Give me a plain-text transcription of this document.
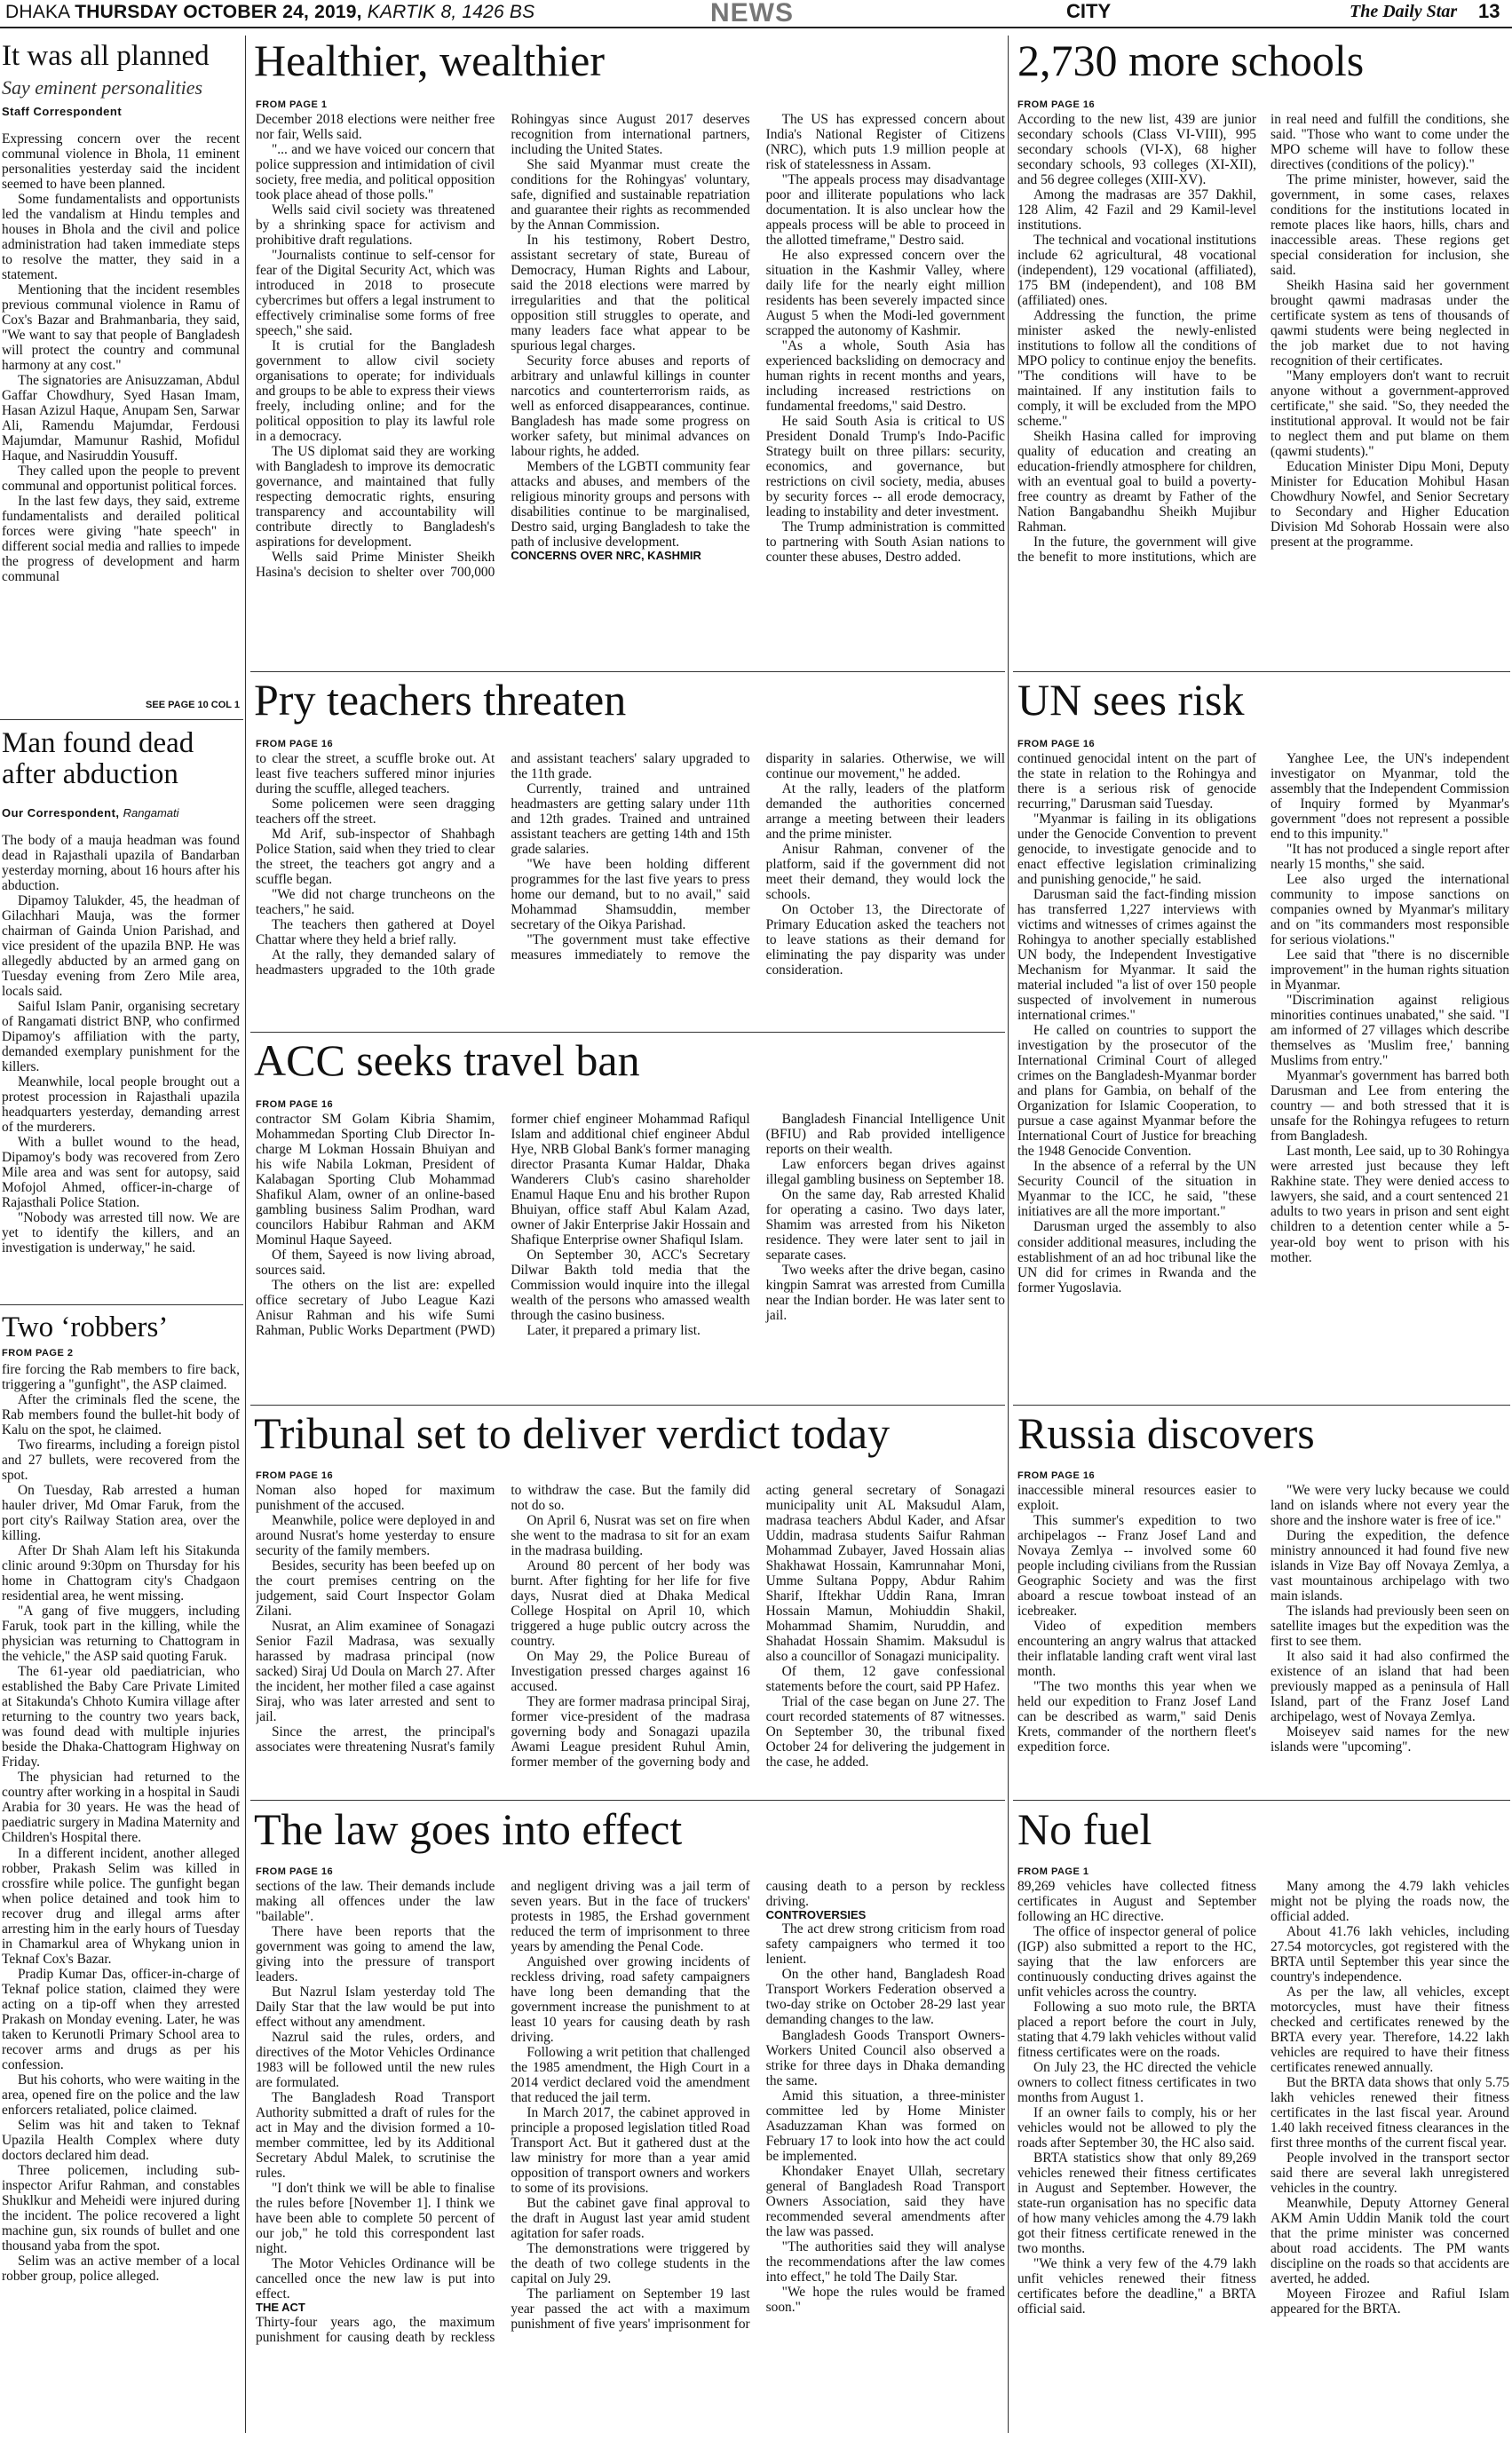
DHAKA THURSDAY OCTOBER 24, 2019, KARTIK 8, 1426 BS	NEWS	CITY	The Daily Star 13
It was all planned
Say eminent personalities
Staff Correspondent

Expressing concern over the recent communal violence in Bhola, 11 eminent personalities yesterday said the incident seemed to have been planned.

Some fundamentalists and opportunists led the vandalism at Hindu temples and houses in Bhola and the civil and police administration had taken immediate steps to resolve the matter, they said in a statement.

Mentioning that the incident resembles previous communal violence in Ramu of Cox's Bazar and Brahmanbaria, they said, "We want to say that people of Bangladesh will protect the country and communal harmony at any cost."

The signatories are Anisuzzaman, Abdul Gaffar Chowdhury, Syed Hasan Imam, Hasan Azizul Haque, Anupam Sen, Sarwar Ali, Ramendu Majumdar, Ferdousi Majumdar, Mamunur Rashid, Mofidul Haque, and Nasiruddin Yousuff.

They called upon the people to prevent communal and opportunist political forces.

In the last few days, they said, extreme fundamentalists and derailed political forces were giving "hate speech" in different social media and rallies to impede the progress of development and harm communal

SEE PAGE 10 COL 1
Man found dead after abduction
Our Correspondent, Rangamati

The body of a mauja headman was found dead in Rajasthali upazila of Bandarban yesterday morning, about 16 hours after his abduction.

Dipamoy Talukder, 45, the headman of Gilachhari Mauja, was the former chairman of Gainda Union Parishad, and vice president of the upazila BNP. He was allegedly abducted by an armed gang on Tuesday evening from Zero Mile area, locals said.

Saiful Islam Panir, organising secretary of Rangamati district BNP, who confirmed Dipamoy's affiliation with the party, demanded exemplary punishment for the killers.

Meanwhile, local people brought out a protest procession in Rajasthali upazila headquarters yesterday, demanding arrest of the murderers.

With a bullet wound to the head, Dipamoy's body was recovered from Zero Mile area and was sent for autopsy, said Mofojol Ahmed, officer-in-charge of Rajasthali Police Station.

"Nobody was arrested till now. We are yet to identify the killers, and an investigation is underway," he said.

Two ‘robbers’
FROM PAGE 2

fire forcing the Rab members to fire back, triggering a "gunfight", the ASP claimed.

After the criminals fled the scene, the Rab members found the bullet-hit body of Kalu on the spot, he claimed.

Two firearms, including a foreign pistol and 27 bullets, were recovered from the spot.

On Tuesday, Rab arrested a human hauler driver, Md Omar Faruk, from the port city's Railway Station area, over the killing.

After Dr Shah Alam left his Sitakunda clinic around 9:30pm on Thursday for his home in Chattogram city's Chadgaon residential area, he went missing.

"A gang of five muggers, including Faruk, took part in the killing, while the physician was returning to Chattogram in the vehicle," the ASP said quoting Faruk.

The 61-year old paediatrician, who established the Baby Care Private Limited at Sitakunda's Chhoto Kumira village after returning to the country two years back, was found dead with multiple injuries beside the Dhaka-Chattogram Highway on Friday.

The physician had returned to the country after working in a hospital in Saudi Arabia for 30 years. He was the head of paediatric surgery in Madina Maternity and Children's Hospital there.

In a different incident, another alleged robber, Prakash Selim was killed in crossfire while police. The gunfight began when police detained and took him to recover drug and illegal arms after arresting him in the early hours of Tuesday in Chamarkul area of Whykang union in Teknaf Cox's Bazar.

Pradip Kumar Das, officer-in-charge of Teknaf police station, claimed they were acting on a tip-off when they arrested Prakash on Monday evening. Later, he was taken to Kerunotli Primary School area to recover arms and drugs as per his confession.

But his cohorts, who were waiting in the area, opened fire on the police and the law enforcers retaliated, police claimed.

Selim was hit and taken to Teknaf Upazila Health Complex where duty doctors declared him dead.

Three policemen, including sub-inspector Arifur Rahman, and constables Shuklkur and Meheidi were injured during the incident. The police recovered a light machine gun, six rounds of bullet and one thousand yaba from the spot.

Selim was an active member of a local robber group, police alleged.

Healthier, wealthier
FROM PAGE 1

December 2018 elections were neither free nor fair, Wells said.

"... and we have voiced our concern that police suppression and intimidation of civil society, free media, and political opposition took place ahead of those polls."

Wells said civil society was threatened by a shrinking space for activism and prohibitive draft regulations.

"Journalists continue to self-censor for fear of the Digital Security Act, which was introduced in 2018 to prosecute cybercrimes but offers a legal instrument to effectively criminalise some forms of free speech," she said.

It is crutial for the Bangladesh government to allow civil society organisations to operate; for individuals and groups to be able to express their views freely, including online; and for the political opposition to play its lawful role in a democracy.

The US diplomat said they are working with Bangladesh to improve its democratic governance, and maintained that fully respecting democratic rights, ensuring transparency and accountability will contribute directly to Bangladesh's aspirations for development.

Wells said Prime Minister Sheikh Hasina's decision to shelter over 700,000 Rohingyas since August 2017 deserves recognition from international partners, including the United States.

She said Myanmar must create the conditions for the Rohingyas' voluntary, safe, dignified and sustainable repatriation and guarantee their rights as recommended by the Annan Commission.

In his testimony, Robert Destro, assistant secretary of state, Bureau of Democracy, Human Rights and Labour, said the 2018 elections were marred by irregularities and that the political opposition still struggles to operate, and many leaders face what appear to be spurious legal charges.

Security force abuses and reports of arbitrary and unlawful killings in counter narcotics and counterterrorism raids, as well as enforced disappearances, continue. Bangladesh has made some progress on worker safety, but minimal advances on labour rights, he added.

Members of the LGBTI community fear attacks and abuses, and members of the religious minority groups and persons with disabilities continue to be marginalised, Destro said, urging Bangladesh to take the path of inclusive development.

CONCERNS OVER NRC, KASHMIR

The US has expressed concern about India's National Register of Citizens (NRC), which puts 1.9 million people at risk of statelessness in Assam.

"The appeals process may disadvantage poor and illiterate populations who lack documentation. It is also unclear how the appeals process will be able to proceed in the allotted timeframe," Destro said.

He also expressed concern over the situation in the Kashmir Valley, where daily life for the nearly eight million residents has been severely impacted since August 5 when the Modi-led government scrapped the autonomy of Kashmir.

"As a whole, South Asia has experienced backsliding on democracy and human rights in recent months and years, including increased restrictions on fundamental freedoms," said Destro.

He said South Asia is critical to US President Donald Trump's Indo-Pacific Strategy built on three pillars: security, economics, and governance, but restrictions on civil society, media, abuses by security forces -- all erode democracy, leading to instability and deter investment.

The Trump administration is committed to partnering with South Asian nations to counter these abuses, Destro added.

2,730 more schools
FROM PAGE 16

According to the new list, 439 are junior secondary schools (Class VI-VIII), 995 secondary schools (VI-X), 68 higher secondary schools, 93 colleges (XI-XII), and 56 degree colleges (XIII-XV).

Among the madrasas are 357 Dakhil, 128 Alim, 42 Fazil and 29 Kamil-level institutions.

The technical and vocational institutions include 62 agricultural, 48 vocational (independent), 129 vocational (affiliated), 175 BM (independent), and 108 BM (affiliated) ones.

Addressing the function, the prime minister asked the newly-enlisted institutions to follow all the conditions of MPO policy to continue enjoy the benefits. "The conditions will have to be maintained. If any institution fails to comply, it will be excluded from the MPO scheme."

Sheikh Hasina called for improving quality of education and creating an education-friendly atmosphere for children, with an eventual goal to build a poverty-free country as dreamt by Father of the Nation Bangabandhu Sheikh Mujibur Rahman.

In the future, the government will give the benefit to more institutions, which are in real need and fulfill the conditions, she said. "Those who want to come under the MPO scheme will have to follow these directives (conditions of the policy)."

The prime minister, however, said the government, in some cases, relaxes conditions for the institutions located in remote places like haors, hills, chars and inaccessible areas. These regions get special consideration for inclusion, she said.

Sheikh Hasina said her government brought qawmi madrasas under the certificate system as tens of thousands of qawmi students were being neglected in the job market due to not having recognition of their certificates.

"Many employers don't want to recruit anyone without a government-approved certificate," she said. "So, they needed the institutional approval. It would not be fair to neglect them and put blame on them (qawmi students)."

Education Minister Dipu Moni, Deputy Minister for Education Mohibul Hasan Chowdhury Nowfel, and Senior Secretary to Secondary and Higher Education Division Md Sohorab Hossain were also present at the programme.

Pry teachers threaten
FROM PAGE 16

to clear the street, a scuffle broke out. At least five teachers suffered minor injuries during the scuffle, alleged teachers.

Some policemen were seen dragging teachers off the street.

Md Arif, sub-inspector of Shahbagh Police Station, said when they tried to clear the street, the teachers got angry and a scuffle began.

"We did not charge truncheons on the teachers," he said.

The teachers then gathered at Doyel Chattar where they held a brief rally.

At the rally, they demanded salary of headmasters upgraded to the 10th grade and assistant teachers' salary upgraded to the 11th grade.

Currently, trained and untrained headmasters are getting salary under 11th and 12th grades. Trained and untrained assistant teachers are getting 14th and 15th grade salaries.

"We have been holding different programmes for the last five years to press home our demand, but to no avail," said Mohammad Shamsuddin, member secretary of the Oikya Parishad.

"The government must take effective measures immediately to remove the disparity in salaries. Otherwise, we will continue our movement," he added.

At the rally, leaders of the platform demanded the authorities concerned arrange a meeting between their leaders and the prime minister.

Anisur Rahman, convener of the platform, said if the government did not meet their demand, they would lock the schools.

On October 13, the Directorate of Primary Education asked the teachers not to leave stations as their demand for eliminating the pay disparity was under consideration.

UN sees risk
FROM PAGE 16

continued genocidal intent on the part of the state in relation to the Rohingya and there is a serious risk of genocide recurring," Darusman said Tuesday.

"Myanmar is failing in its obligations under the Genocide Convention to prevent genocide, to investigate genocide and to enact effective legislation criminalizing and punishing genocide," he said.

Darusman said the fact-finding mission has transferred 1,227 interviews with victims and witnesses of crimes against the Rohingya to another specially established UN body, the Independent Investigative Mechanism for Myanmar. It said the material included "a list of over 150 people suspected of involvement in numerous international crimes."

He called on countries to support the investigation by the prosecutor of the International Criminal Court of alleged crimes on the Bangladesh-Myanmar border and plans for Gambia, on behalf of the Organization for Islamic Cooperation, to pursue a case against Myanmar before the International Court of Justice for breaching the 1948 Genocide Convention.

In the absence of a referral by the UN Security Council of the situation in Myanmar to the ICC, he said, "these initiatives are all the more important."

Darusman urged the assembly to also consider additional measures, including the establishment of an ad hoc tribunal like the UN did for crimes in Rwanda and the former Yugoslavia.

Yanghee Lee, the UN's independent investigator on Myanmar, told the assembly that the Independent Commission of Inquiry formed by Myanmar's government "does not represent a possible end to this impunity."

"It has not produced a single report after nearly 15 months," she said.

Lee also urged the international community to impose sanctions on companies owned by Myanmar's military and on "its commanders most responsible for serious violations."

Lee said that "there is no discernible improvement" in the human rights situation in Myanmar.

"Discrimination against religious minorities continues unabated," she said. "I am informed of 27 villages which describe themselves as 'Muslim free,' banning Muslims from entry."

Myanmar's government has barred both Darusman and Lee from entering the country — and both stressed that it is unsafe for the Rohingya refugees to return from Bangladesh.

Last month, Lee said, up to 30 Rohingya were arrested just because they left Rakhine state. They were denied access to lawyers, she said, and a court sentenced 21 adults to two years in prison and sent eight children to a detention center while a 5-year-old boy went to prison with his mother.

ACC seeks travel ban
FROM PAGE 16

contractor SM Golam Kibria Shamim, Mohammedan Sporting Club Director In-charge M Lokman Hossain Bhuiyan and his wife Nabila Lokman, President of Kalabagan Sporting Club Mohammad Shafikul Alam, owner of an online-based gambling business Salim Prodhan, ward councilors Habibur Rahman and AKM Mominul Haque Sayeed.

Of them, Sayeed is now living abroad, sources said.

The others on the list are: expelled office secretary of Jubo League Kazi Anisur Rahman and his wife Sumi Rahman, Public Works Department (PWD) former chief engineer Mohammad Rafiqul Islam and additional chief engineer Abdul Hye, NRB Global Bank's former managing director Prasanta Kumar Haldar, Dhaka Wanderers Club's casino shareholder Enamul Haque Enu and his brother Rupon Bhuiyan, office staff Abul Kalam Azad, owner of Jakir Enterprise Jakir Hossain and Shafique Enterprise owner Shafiqul Islam.

On September 30, ACC's Secretary Dilwar Bakth told media that the Commission would inquire into the illegal wealth of the persons who amassed wealth through the casino business.

Later, it prepared a primary list.

Bangladesh Financial Intelligence Unit (BFIU) and Rab provided intelligence reports on their wealth.

Law enforcers began drives against illegal gambling business on September 18.

On the same day, Rab arrested Khalid for operating a casino. Two days later, Shamim was arrested from his Niketon residence. They were later sent to jail in separate cases.

Two weeks after the drive began, casino kingpin Samrat was arrested from Cumilla near the Indian border. He was later sent to jail.

Tribunal set to deliver verdict today
FROM PAGE 16

Noman also hoped for maximum punishment of the accused.

Meanwhile, police were deployed in and around Nusrat's home yesterday to ensure security of the family members.

Besides, security has been beefed up on the court premises centring on the judgement, said Court Inspector Golam Zilani.

Nusrat, an Alim examinee of Sonagazi Senior Fazil Madrasa, was sexually harassed by madrasa principal (now sacked) Siraj Ud Doula on March 27. After the incident, her mother filed a case against Siraj, who was later arrested and sent to jail.

Since the arrest, the principal's associates were threatening Nusrat's family to withdraw the case. But the family did not do so.

On April 6, Nusrat was set on fire when she went to the madrasa to sit for an exam in the madrasa building.

Around 80 percent of her body was burnt. After fighting for her life for five days, Nusrat died at Dhaka Medical College Hospital on April 10, which triggered a huge public outcry across the country.

On May 29, the Police Bureau of Investigation pressed charges against 16 accused.

They are former madrasa principal Siraj, former vice-president of the madrasa governing body and Sonagazi upazila Awami League president Ruhul Amin, former member of the governing body and acting general secretary of Sonagazi municipality unit AL Maksudul Alam, madrasa teachers Abdul Kader, and Afsar Uddin, madrasa students Saifur Rahman Mohammad Zubayer, Javed Hossain alias Shakhawat Hossain, Kamrunnahar Moni, Umme Sultana Poppy, Abdur Rahim Sharif, Iftekhar Uddin Rana, Imran Hossain Mamun, Mohiuddin Shakil, Mohammad Shamim, Nuruddin, and Shahadat Hossain Shamim. Maksudul is also a councillor of Sonagazi municipality.

Of them, 12 gave confessional statements before the court, said PP Hafez.

Trial of the case began on June 27. The court recorded statements of 87 witnesses. On September 30, the tribunal fixed October 24 for delivering the judgement in the case, he added.

Russia discovers
FROM PAGE 16

inaccessible mineral resources easier to exploit.

This summer's expedition to two archipelagos -- Franz Josef Land and Novaya Zemlya -- involved some 60 people including civilians from the Russian Geographic Society and was the first aboard a rescue towboat instead of an icebreaker.

Video of expedition members encountering an angry walrus that attacked their inflatable landing craft went viral last month.

"The two months this year when we held our expedition to Franz Josef Land can be described as warm," said Denis Krets, commander of the northern fleet's expedition force.

"We were very lucky because we could land on islands where not every year the shore and the inshore water is free of ice."

During the expedition, the defence ministry announced it had found five new islands in Vize Bay off Novaya Zemlya, a vast mountainous archipelago with two main islands.

The islands had previously been seen on satellite images but the expedition was the first to see them.

It also said it had also confirmed the existence of an island that had been previously mapped as a peninsula of Hall Island, part of the Franz Josef Land archipelago, west of Novaya Zemlya.

Moiseyev said names for the new islands were "upcoming".

The law goes into effect
FROM PAGE 16

sections of the law. Their demands include making all offences under the law "bailable".

There have been reports that the government was going to amend the law, giving into the pressure of transport leaders.

But Nazrul Islam yesterday told The Daily Star that the law would be put into effect without any amendment.

Nazrul said the rules, orders, and directives of the Motor Vehicles Ordinance 1983 will be followed until the new rules are formulated.

The Bangladesh Road Transport Authority submitted a draft of rules for the act in May and the division formed a 10-member committee, led by its Additional Secretary Abdul Malek, to scrutinise the rules.

"I don't think we will be able to finalise the rules before [November 1]. I think we have been able to complete 50 percent of our job," he told this correspondent last night.

The Motor Vehicles Ordinance will be cancelled once the new law is put into effect.

THE ACT

Thirty-four years ago, the maximum punishment for causing death by reckless and negligent driving was a jail term of seven years. But in the face of truckers' protests in 1985, the Ershad government reduced the term of imprisonment to three years by amending the Penal Code.

Anguished over growing incidents of reckless driving, road safety campaigners have long been demanding that the government increase the punishment to at least 10 years for causing death by rash driving.

Following a writ petition that challenged the 1985 amendment, the High Court in a 2014 verdict declared void the amendment that reduced the jail term.

In March 2017, the cabinet approved in principle a proposed legislation titled Road Transport Act. But it gathered dust at the law ministry for more than a year amid opposition of transport owners and workers to some of its provisions.

But the cabinet gave final approval to the draft in August last year amid student agitation for safer roads.

The demonstrations were triggered by the death of two college students in the capital on July 29.

The parliament on September 19 last year passed the act with a maximum punishment of five years' imprisonment for causing death to a person by reckless driving.

CONTROVERSIES

The act drew strong criticism from road safety campaigners who termed it too lenient.

On the other hand, Bangladesh Road Transport Workers Federation observed a two-day strike on October 28-29 last year demanding changes to the law.

Bangladesh Goods Transport Owners-Workers United Council also observed a strike for three days in Dhaka demanding the same.

Amid this situation, a three-minister committee led by Home Minister Asaduzzaman Khan was formed on February 17 to look into how the act could be implemented.

Khondaker Enayet Ullah, secretary general of Bangladesh Road Transport Owners Association, said they have recommended several amendments after the law was passed.

"The authorities said they will analyse the recommendations after the law comes into effect," he told The Daily Star.

"We hope the rules would be framed soon."

No fuel
FROM PAGE 1

89,269 vehicles have collected fitness certificates in August and September following an HC directive.

The office of inspector general of police (IGP) also submitted a report to the HC, saying that the law enforcers are continuously conducting drives against the unfit vehicles across the country.

Following a suo moto rule, the BRTA placed a report before the court in July, stating that 4.79 lakh vehicles without valid fitness certificates were on the roads.

On July 23, the HC directed the vehicle owners to collect fitness certificates in two months from August 1.

If an owner fails to comply, his or her vehicles would not be allowed to ply the roads after September 30, the HC also said.

BRTA statistics show that only 89,269 vehicles renewed their fitness certificates in August and September. However, the state-run organisation has no specific data of how many vehicles among the 4.79 lakh got their fitness certificate renewed in the two months.

"We think a very few of the 4.79 lakh unfit vehicles renewed their fitness certificates before the deadline," a BRTA official said.

Many among the 4.79 lakh vehicles might not be plying the roads now, the official added.

About 41.76 lakh vehicles, including 27.54 motorcycles, got registered with the BRTA until September this year since the country's independence.

As per the law, all vehicles, except motorcycles, must have their fitness checked and certificates renewed by the BRTA every year. Therefore, 14.22 lakh vehicles are required to have their fitness certificates renewed annually.

But the BRTA data shows that only 5.75 lakh vehicles renewed their fitness certificates in the last fiscal year. Around 1.40 lakh received fitness clearances in the first three months of the current fiscal year.

People involved in the transport sector said there are several lakh unregistered vehicles in the country.

Meanwhile, Deputy Attorney General AKM Amin Uddin Manik told the court that the prime minister was concerned about road accidents. The PM wants discipline on the roads so that accidents are averted, he added.

Moyeen Firozee and Rafiul Islam appeared for the BRTA.
